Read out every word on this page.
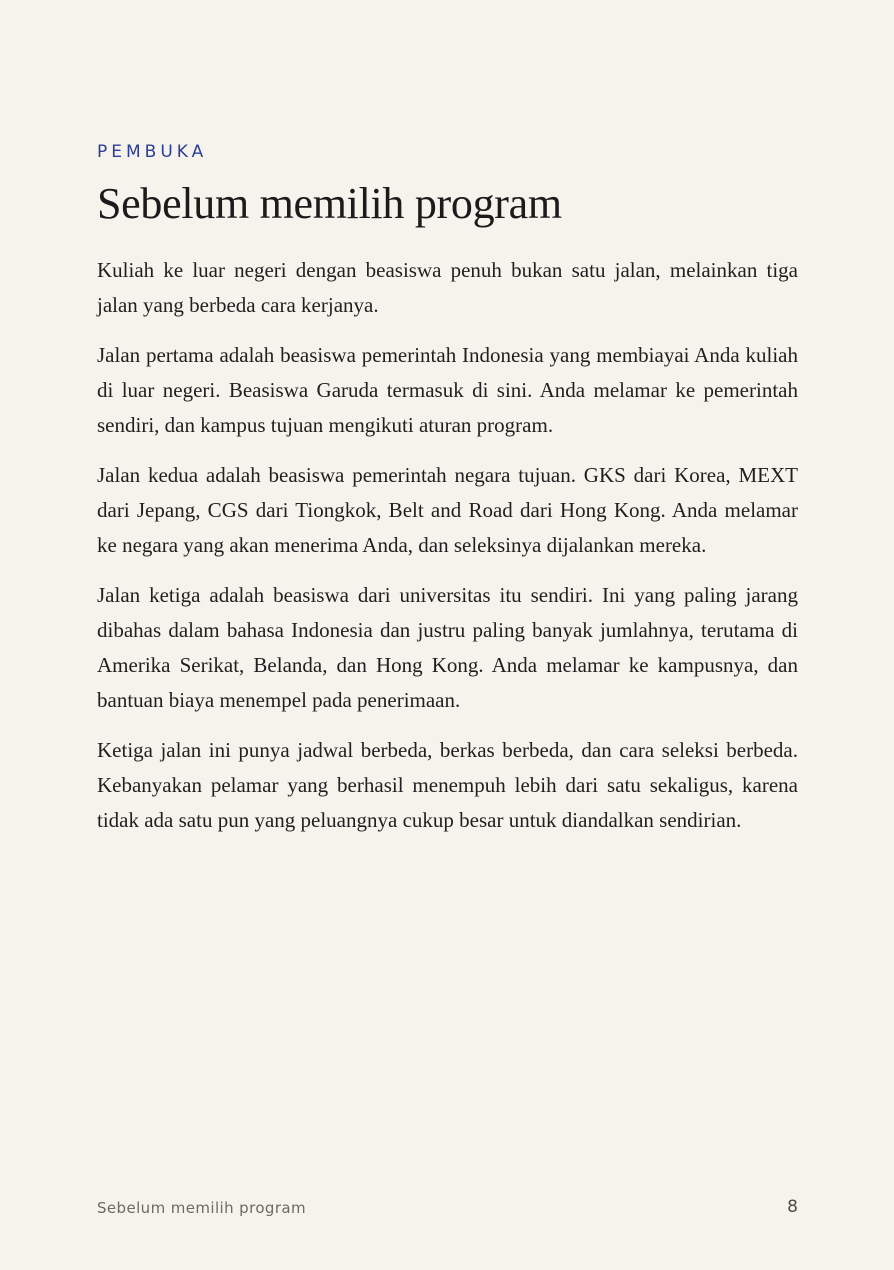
PEMBUKA

Sebelum memilih program

Kuliah ke luar negeri dengan beasiswa penuh bukan satu jalan, melainkan tiga jalan yang berbeda cara kerjanya.

Jalan pertama adalah beasiswa pemerintah Indonesia yang membiayai Anda kuliah di luar negeri. Beasiswa Garuda termasuk di sini. Anda melamar ke pemerintah sendiri, dan kampus tujuan mengikuti aturan program.

Jalan kedua adalah beasiswa pemerintah negara tujuan. GKS dari Korea, MEXT dari Jepang, CGS dari Tiongkok, Belt and Road dari Hong Kong. Anda melamar ke negara yang akan menerima Anda, dan seleksinya dijalankan mereka.

Jalan ketiga adalah beasiswa dari universitas itu sendiri. Ini yang paling jarang dibahas dalam bahasa Indonesia dan justru paling banyak jumlahnya, terutama di Amerika Serikat, Belanda, dan Hong Kong. Anda melamar ke kampusnya, dan bantuan biaya menempel pada penerimaan.

Ketiga jalan ini punya jadwal berbeda, berkas berbeda, dan cara seleksi berbeda. Kebanyakan pelamar yang berhasil menempuh lebih dari satu sekaligus, karena tidak ada satu pun yang peluangnya cukup besar untuk diandalkan sendirian.

Sebelum memilih program	8
